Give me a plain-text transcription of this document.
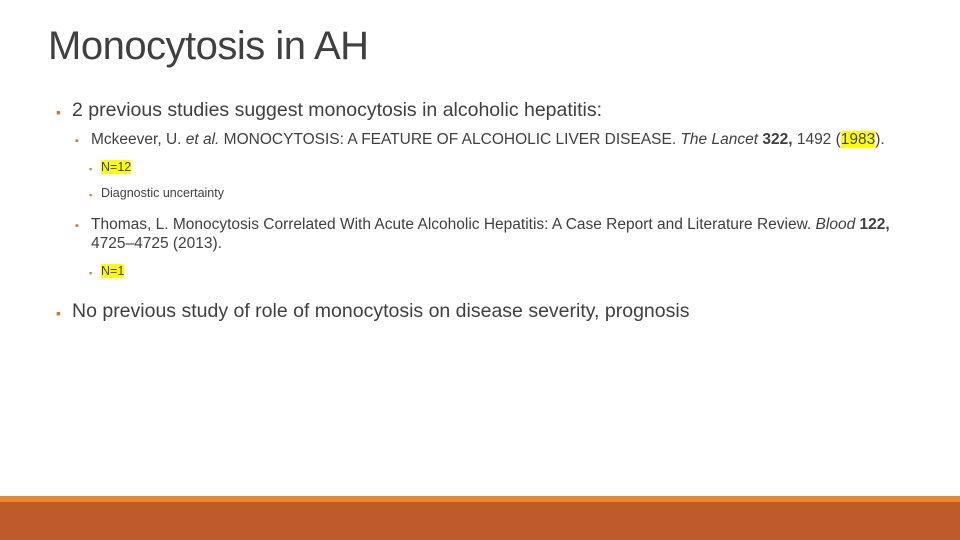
Monocytosis in AH
▪ 2 previous studies suggest monocytosis in alcoholic hepatitis:
▪ Mckeever, U. et al. MONOCYTOSIS: A FEATURE OF ALCOHOLIC LIVER DISEASE. The Lancet 322, 1492 (1983).
▪ N=12
▪ Diagnostic uncertainty
▪ Thomas, L. Monocytosis Correlated With Acute Alcoholic Hepatitis: A Case Report and Literature Review. Blood 122, 4725–4725 (2013).
▪ N=1
▪ No previous study of role of monocytosis on disease severity, prognosis
